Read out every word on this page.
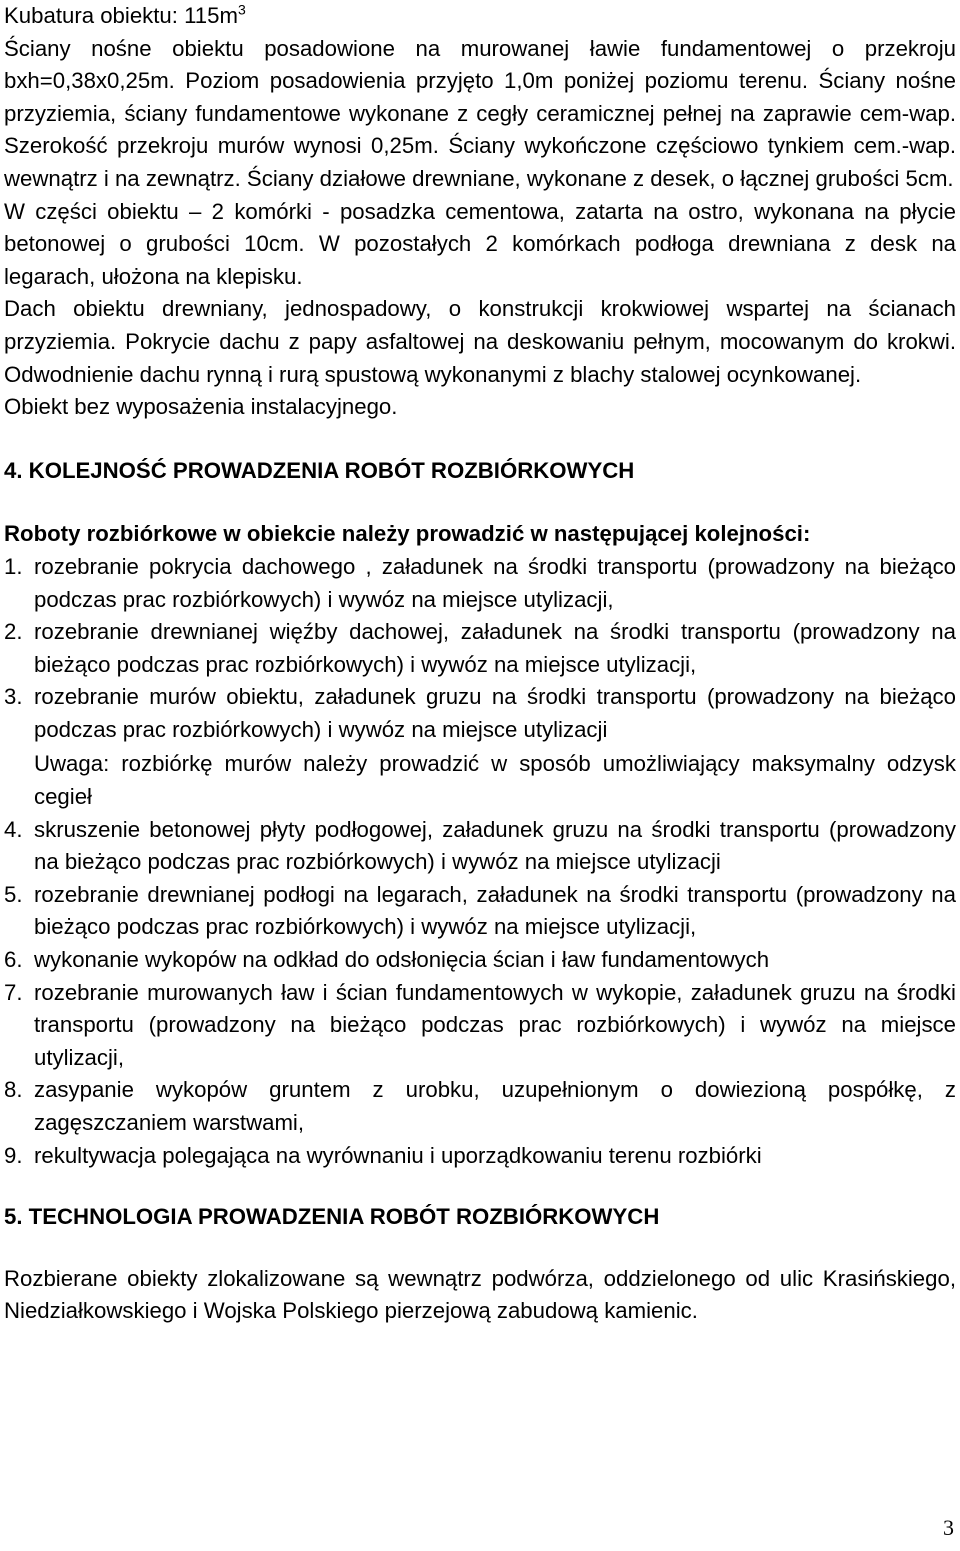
Kubatura obiektu: $115m^3$

Ściany nośne obiektu posadowione na murowanej ławie fundamentowej o przekroju bxh=0,38x0,25m. Poziom posadowienia przyjęto 1,0m poniżej poziomu terenu. Ściany nośne przyziemia, ściany fundamentowe wykonane z cegły ceramicznej pełnej na zaprawie cem-wap. Szerokość przekroju murów wynosi 0,25m. Ściany wykończone częściowo tynkiem cem.-wap. wewnątrz i na zewnątrz. Ściany działowe drewniane, wykonane z desek, o łącznej grubości 5cm.

W części obiektu – 2 komórki - posadzka cementowa, zatarta na ostro, wykonana na płycie betonowej o grubości 10cm. W pozostałych 2 komórkach podłoga drewniana z desk na legarach, ułożona na klepisku.

Dach obiektu drewniany, jednospadowy, o konstrukcji krokwiowej wspartej na ścianach przyziemia. Pokrycie dachu z papy asfaltowej na deskowaniu pełnym, mocowanym do krokwi. Odwodnienie dachu rynną i rurą spustową wykonanymi z blachy stalowej ocynkowanej.

Obiekt bez wyposażenia instalacyjnego.

4. KOLEJNOŚĆ PROWADZENIA ROBÓT ROZBIÓRKOWYCH

Roboty rozbiórkowe w obiekcie należy prowadzić w następującej kolejności:

1. rozebranie pokrycia dachowego , załadunek na środki transportu (prowadzony na bieżąco podczas prac rozbiórkowych) i wywóz na miejsce utylizacji,
2. rozebranie drewnianej więźby dachowej, załadunek na środki transportu (prowadzony na bieżąco podczas prac rozbiórkowych) i wywóz na miejsce utylizacji,
3. rozebranie murów obiektu, załadunek gruzu na środki transportu (prowadzony na bieżąco podczas prac rozbiórkowych) i wywóz na miejsce utylizacji
Uwaga: rozbiórkę murów należy prowadzić w sposób umożliwiający maksymalny odzysk cegieł
4. skruszenie betonowej płyty podłogowej, załadunek gruzu na środki transportu (prowadzony na bieżąco podczas prac rozbiórkowych) i wywóz na miejsce utylizacji
5. rozebranie drewnianej podłogi na legarach, załadunek na środki transportu (prowadzony na bieżąco podczas prac rozbiórkowych) i wywóz na miejsce utylizacji,
6. wykonanie wykopów na odkład do odsłonięcia ścian i ław fundamentowych
7. rozebranie murowanych ław i ścian fundamentowych w wykopie, załadunek gruzu na środki transportu (prowadzony na bieżąco podczas prac rozbiórkowych) i wywóz na miejsce utylizacji,
8. zasypanie wykopów gruntem z urobku, uzupełnionym o dowiezioną pospółkę, z zagęszczaniem warstwami,
9. rekultywacja polegająca na wyrównaniu i uporządkowaniu terenu rozbiórki

5. TECHNOLOGIA PROWADZENIA ROBÓT ROZBIÓRKOWYCH

Rozbierane obiekty zlokalizowane są wewnątrz podwórza, oddzielonego od ulic Krasińskiego, Niedziałkowskiego i Wojska Polskiego pierzejową zabudową kamienic.

3
